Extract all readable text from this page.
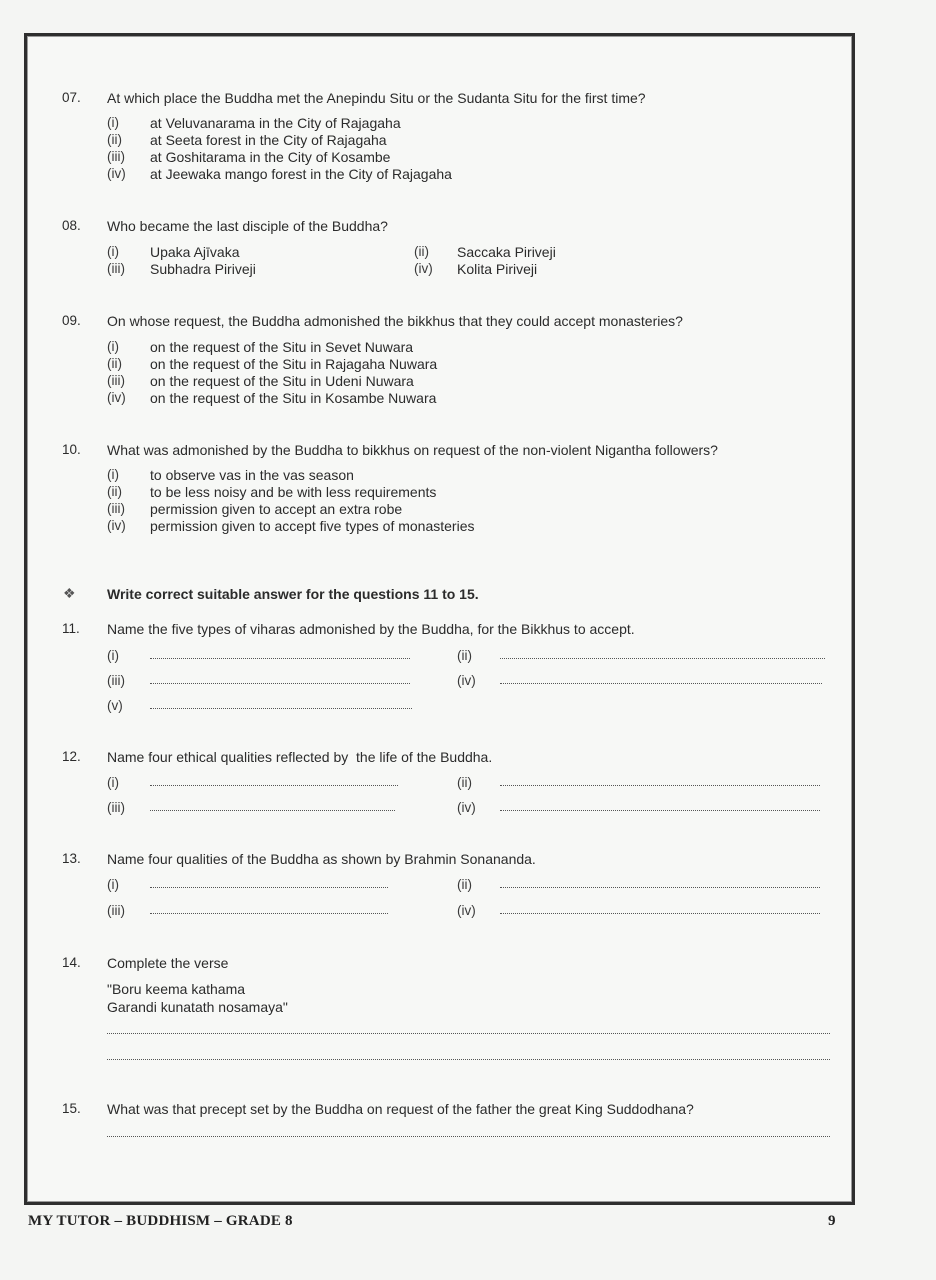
07. At which place the Buddha met the Anepindu Situ or the Sudanta Situ for the first time?
(i) at Veluvanarama in the City of Rajagaha
(ii) at Seeta forest in the City of Rajagaha
(iii) at Goshitarama in the City of Kosambe
(iv) at Jeewaka mango forest in the City of Rajagaha
08. Who became the last disciple of the Buddha?
(i) Upaka Ajīvaka	(ii) Saccaka Piriveji
(iii) Subhadra Piriveji	(iv) Kolita Piriveji
09. On whose request, the Buddha admonished the bikkhus that they could accept monasteries?
(i) on the request of the Situ in Sevet Nuwara
(ii) on the request of the Situ in Rajagaha Nuwara
(iii) on the request of the Situ in Udeni Nuwara
(iv) on the request of the Situ in Kosambe Nuwara
10. What was admonished by the Buddha to bikkhus on request of the non-violent Nigantha followers?
(i) to observe vas in the vas season
(ii) to be less noisy and be with less requirements
(iii) permission given to accept an extra robe
(iv) permission given to accept five types of monasteries
❖ Write correct suitable answer for the questions 11 to 15.
11. Name the five types of viharas admonished by the Buddha, for the Bikkhus to accept.
(i)	(ii)
(iii)	(iv)
(v)
12. Name four ethical qualities reflected by  the life of the Buddha.
(i)	(ii)
(iii)	(iv)
13. Name four qualities of the Buddha as shown by Brahmin Sonananda.
(i)	(ii)
(iii)	(iv)
14. Complete the verse
"Boru keema kathama
Garandi kunatath nosamaya"
15. What was that precept set by the Buddha on request of the father the great King Suddodhana?
MY TUTOR – BUDDHISM – GRADE 8	9
